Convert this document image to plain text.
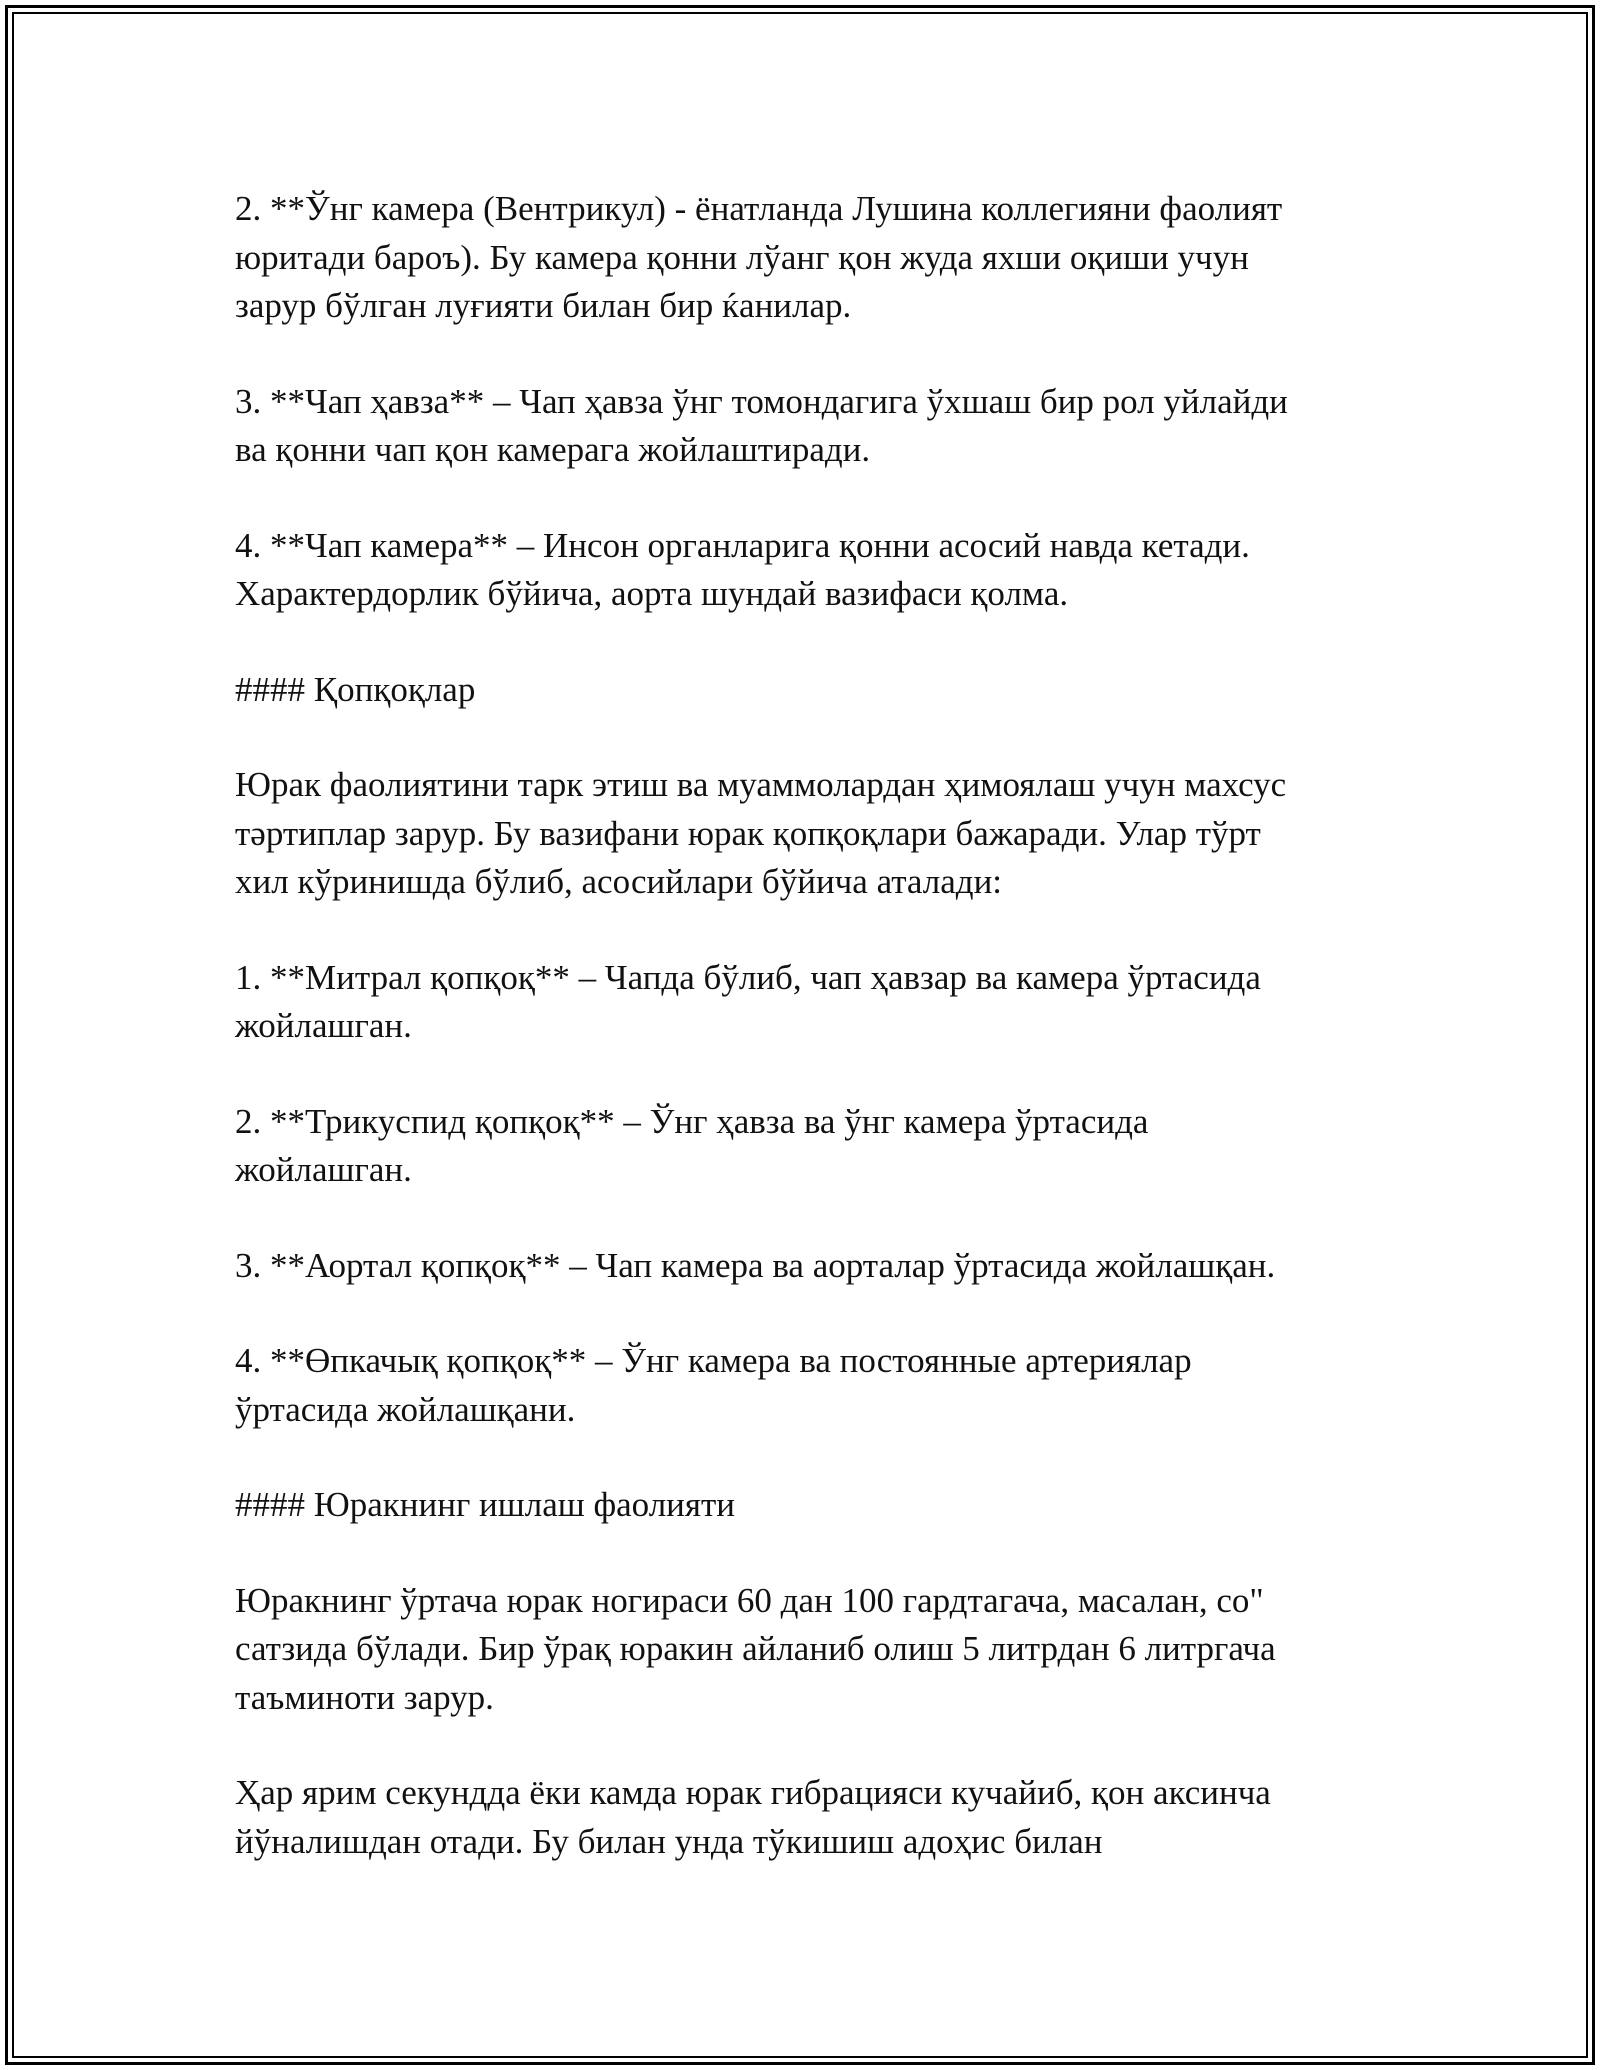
2. **Ўнг камера (Вентрикул) - ёнатланда Лушина коллегияни фаолият
юритади бароъ). Бу камера қонни лўанг қон жуда яхши оқиши учун
зарур бўлган луғияти билан бир ќанилар.
3. **Чап ҳавза** – Чап ҳавза ўнг томондагига ўхшаш бир рол уйлайди
ва қонни чап қон камерага жойлаштиради.
4. **Чап камера** – Инсон органларига қонни асосий навда кетади.
Характердорлик бўйича, аорта шундай вазифаси қолма.
#### Қопқоқлар
Юрак фаолиятини тарк этиш ва муаммолардан ҳимоялаш учун махсус
тәртиплар зарур. Бу вазифани юрак қопқоқлари бажаради. Улар тўрт
хил кўринишда бўлиб, асосийлари бўйича аталади:
1. **Митрал қопқоқ** – Чапда бўлиб, чап ҳавзар ва камера ўртасида
жойлашган.
2. **Трикуспид қопқоқ** – Ўнг ҳавза ва ўнг камера ўртасида
жойлашган.
3. **Аортал қопқоқ** – Чап камера ва аорталар ўртасида жойлашқан.
4. **Өпкачық қопқоқ** – Ўнг камера ва постоянные артериялар
ўртасида жойлашқани.
#### Юракнинг ишлаш фаолияти
Юракнинг ўртача юрак ногираси 60 дан 100 гардтагача, масалан, со"
сатзида бўлади. Бир ўрақ юракин айланиб олиш 5 литрдан 6 литргача
таъминоти зарур.
Ҳар ярим секундда ёки камда юрак гибрацияси кучайиб, қон аксинча
йўналишдан отади. Бу билан унда тўкишиш адоҳис билан
